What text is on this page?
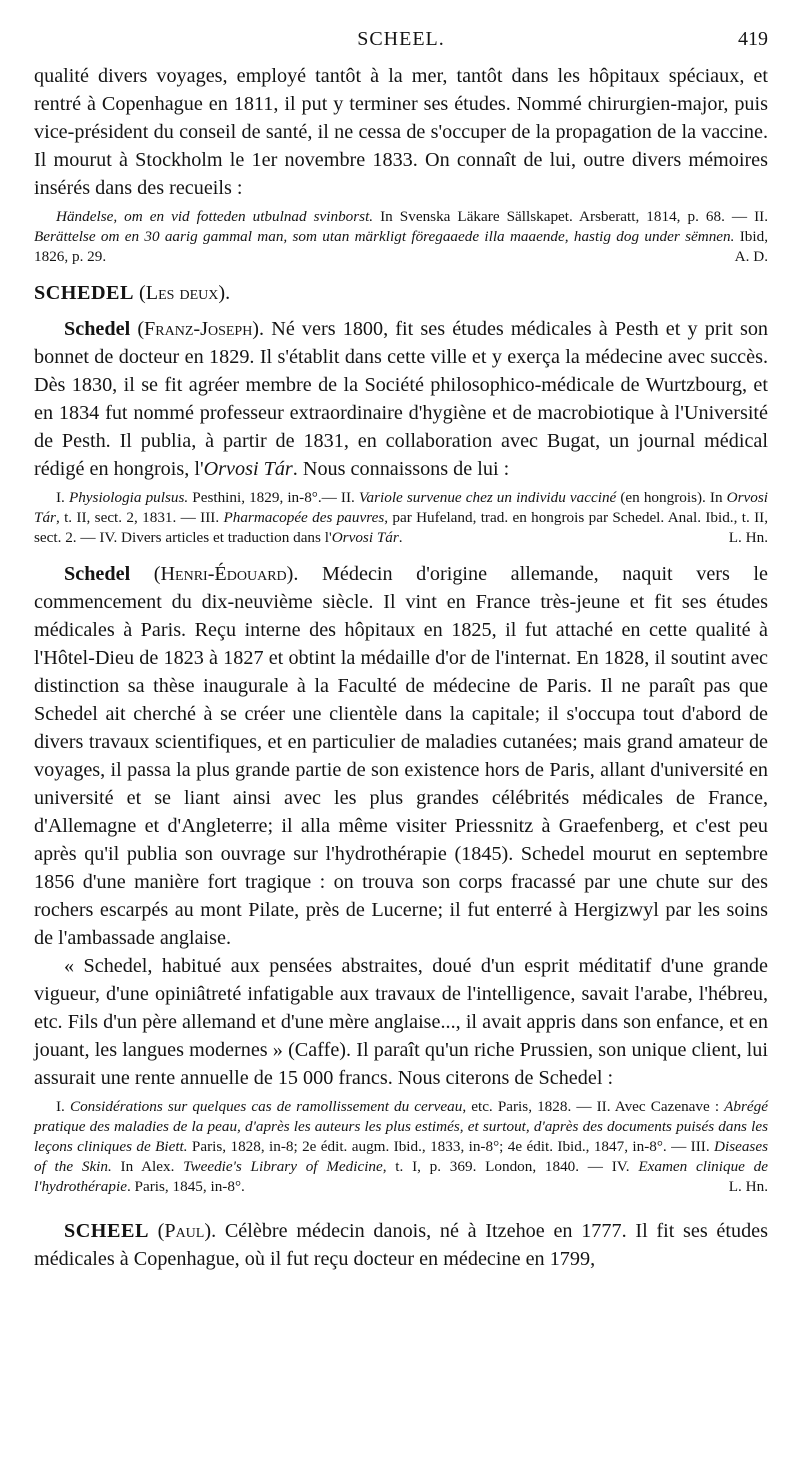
SCHEEL.	419

qualité divers voyages, employé tantôt à la mer, tantôt dans les hôpitaux spéciaux, et rentré à Copenhague en 1811, il put y terminer ses études. Nommé chirurgien-major, puis vice-président du conseil de santé, il ne cessa de s'occuper de la propagation de la vaccine. Il mourut à Stockholm le 1er novembre 1833. On connaît de lui, outre divers mémoires insérés dans des recueils :

Händelse, om en vid fotteden utbulnad svinborst. In Svenska Läkare Sällskapet. Arsberatt, 1814, p. 68. — II. Berättelse om en 30 aarig gammal man, som utan märkligt föregaaede illa maaende, hastig dog under sëmnen. Ibid, 1826, p. 29.	A. D.

SCHEDEL (Les deux).

Schedel (Franz-Joseph). Né vers 1800, fit ses études médicales à Pesth et y prit son bonnet de docteur en 1829. Il s'établit dans cette ville et y exerça la médecine avec succès. Dès 1830, il se fit agréer membre de la Société philosophico-médicale de Wurtzbourg, et en 1834 fut nommé professeur extraordinaire d'hygiène et de macrobiotique à l'Université de Pesth. Il publia, à partir de 1831, en collaboration avec Bugat, un journal médical rédigé en hongrois, l'Orvosi Tár. Nous connaissons de lui :

I. Physiologia pulsus. Pesthini, 1829, in-8°.— II. Variole survenue chez un individu vacciné (en hongrois). In Orvosi Tár, t. II, sect. 2, 1831. — III. Pharmacopée des pauvres, par Hufeland, trad. en hongrois par Schedel. Anal. Ibid., t. II, sect. 2. — IV. Divers articles et traduction dans l'Orvosi Tár.	L. Hn.

Schedel (Henri-Édouard). Médecin d'origine allemande, naquit vers le commencement du dix-neuvième siècle. Il vint en France très-jeune et fit ses études médicales à Paris. Reçu interne des hôpitaux en 1825, il fut attaché en cette qualité à l'Hôtel-Dieu de 1823 à 1827 et obtint la médaille d'or de l'internat. En 1828, il soutint avec distinction sa thèse inaugurale à la Faculté de médecine de Paris. Il ne paraît pas que Schedel ait cherché à se créer une clientèle dans la capitale; il s'occupa tout d'abord de divers travaux scientifiques, et en particulier de maladies cutanées; mais grand amateur de voyages, il passa la plus grande partie de son existence hors de Paris, allant d'université en université et se liant ainsi avec les plus grandes célébrités médicales de France, d'Allemagne et d'Angleterre; il alla même visiter Priessnitz à Graefenberg, et c'est peu après qu'il publia son ouvrage sur l'hydrothérapie (1845). Schedel mourut en septembre 1856 d'une manière fort tragique : on trouva son corps fracassé par une chute sur des rochers escarpés au mont Pilate, près de Lucerne; il fut enterré à Hergizwyl par les soins de l'ambassade anglaise.

« Schedel, habitué aux pensées abstraites, doué d'un esprit méditatif d'une grande vigueur, d'une opiniâtreté infatigable aux travaux de l'intelligence, savait l'arabe, l'hébreu, etc. Fils d'un père allemand et d'une mère anglaise..., il avait appris dans son enfance, et en jouant, les langues modernes » (Caffe). Il paraît qu'un riche Prussien, son unique client, lui assurait une rente annuelle de 15 000 francs. Nous citerons de Schedel :

I. Considérations sur quelques cas de ramollissement du cerveau, etc. Paris, 1828. — II. Avec Cazenave : Abrégé pratique des maladies de la peau, d'après les auteurs les plus estimés, et surtout, d'après des documents puisés dans les leçons cliniques de Biett. Paris, 1828, in-8; 2e édit. augm. Ibid., 1833, in-8°; 4e édit. Ibid., 1847, in-8°. — III. Diseases of the Skin. In Alex. Tweedie's Library of Medicine, t. I, p. 369. London, 1840. — IV. Examen clinique de l'hydrothérapie. Paris, 1845, in-8°.	L. Hn.

SCHEEL (Paul). Célèbre médecin danois, né à Itzehoe en 1777. Il fit ses études médicales à Copenhague, où il fut reçu docteur en médecine en 1799,
